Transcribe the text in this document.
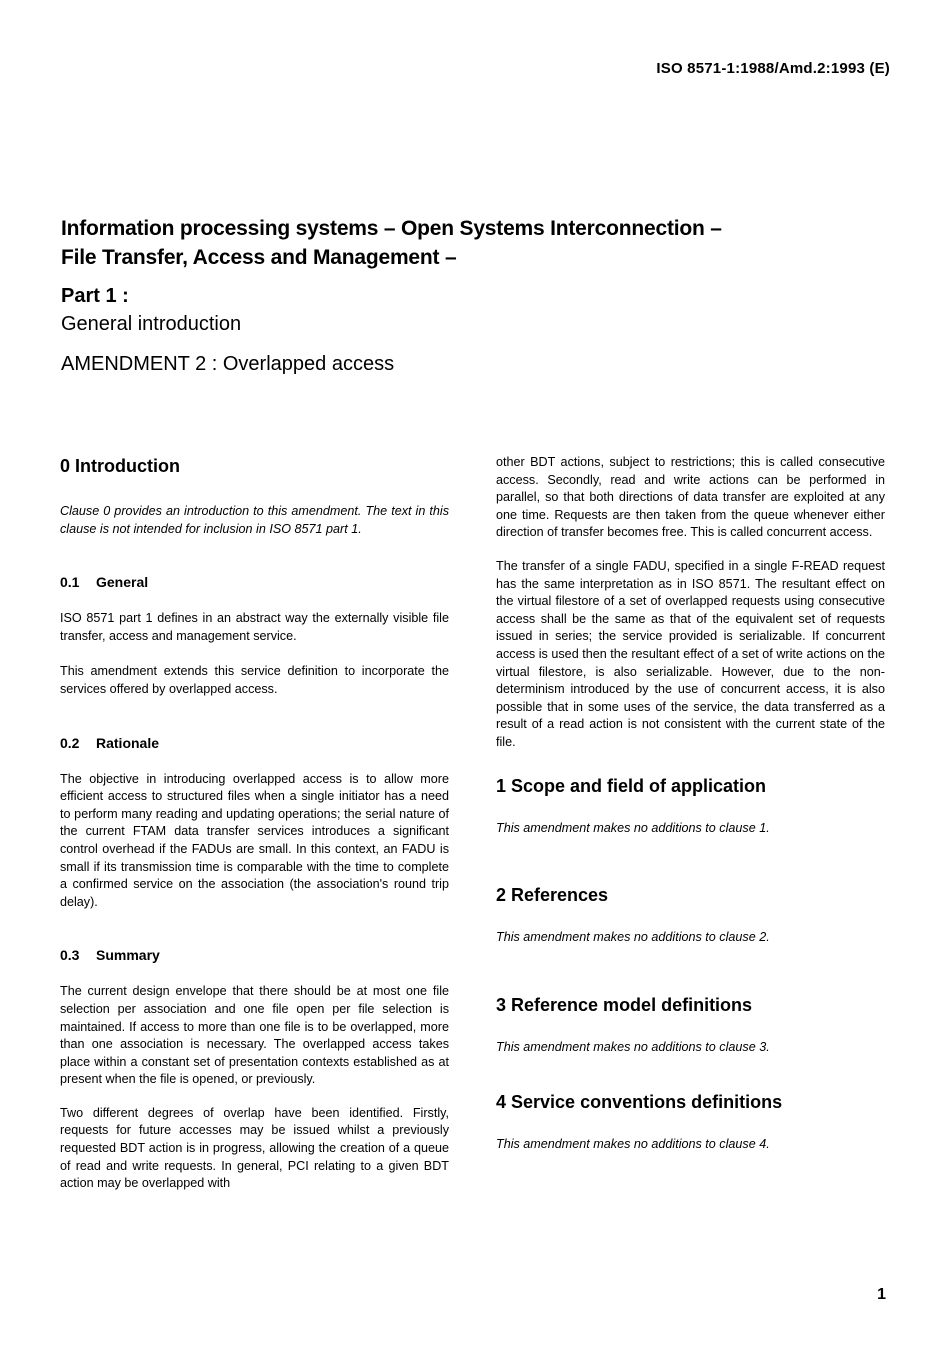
ISO 8571-1:1988/Amd.2:1993 (E)
Information processing systems – Open Systems Interconnection –
File Transfer, Access and Management –
Part 1 :
General introduction
AMENDMENT 2 : Overlapped access
0 Introduction

Clause 0 provides an introduction to this amendment. The text in this clause is not intended for inclusion in ISO 8571 part 1.

0.1 General

ISO 8571 part 1 defines in an abstract way the externally visible file transfer, access and management service.

This amendment extends this service definition to incorporate the services offered by overlapped access.

0.2 Rationale

The objective in introducing overlapped access is to allow more efficient access to structured files when a single initiator has a need to perform many reading and updating operations; the serial nature of the current FTAM data transfer services introduces a significant control overhead if the FADUs are small. In this context, an FADU is small if its transmission time is comparable with the time to complete a confirmed service on the association (the association's round trip delay).

0.3 Summary

The current design envelope that there should be at most one file selection per association and one file open per file selection is maintained. If access to more than one file is to be overlapped, more than one association is necessary. The overlapped access takes place within a constant set of presentation contexts established as at present when the file is opened, or previously.

Two different degrees of overlap have been identified. Firstly, requests for future accesses may be issued whilst a previously requested BDT action is in progress, allowing the creation of a queue of read and write requests. In general, PCI relating to a given BDT action may be overlapped with

other BDT actions, subject to restrictions; this is called consecutive access. Secondly, read and write actions can be performed in parallel, so that both directions of data transfer are exploited at any one time. Requests are then taken from the queue whenever either direction of transfer becomes free. This is called concurrent access.

The transfer of a single FADU, specified in a single F-READ request has the same interpretation as in ISO 8571. The resultant effect on the virtual filestore of a set of overlapped requests using consecutive access shall be the same as that of the equivalent set of requests issued in series; the service provided is serializable. If concurrent access is used then the resultant effect of a set of write actions on the virtual filestore, is also serializable. However, due to the non-determinism introduced by the use of concurrent access, it is also possible that in some uses of the service, the data transferred as a result of a read action is not consistent with the current state of the file.

1 Scope and field of application

This amendment makes no additions to clause 1.

2 References

This amendment makes no additions to clause 2.

3 Reference model definitions

This amendment makes no additions to clause 3.

4 Service conventions definitions

This amendment makes no additions to clause 4.

1
